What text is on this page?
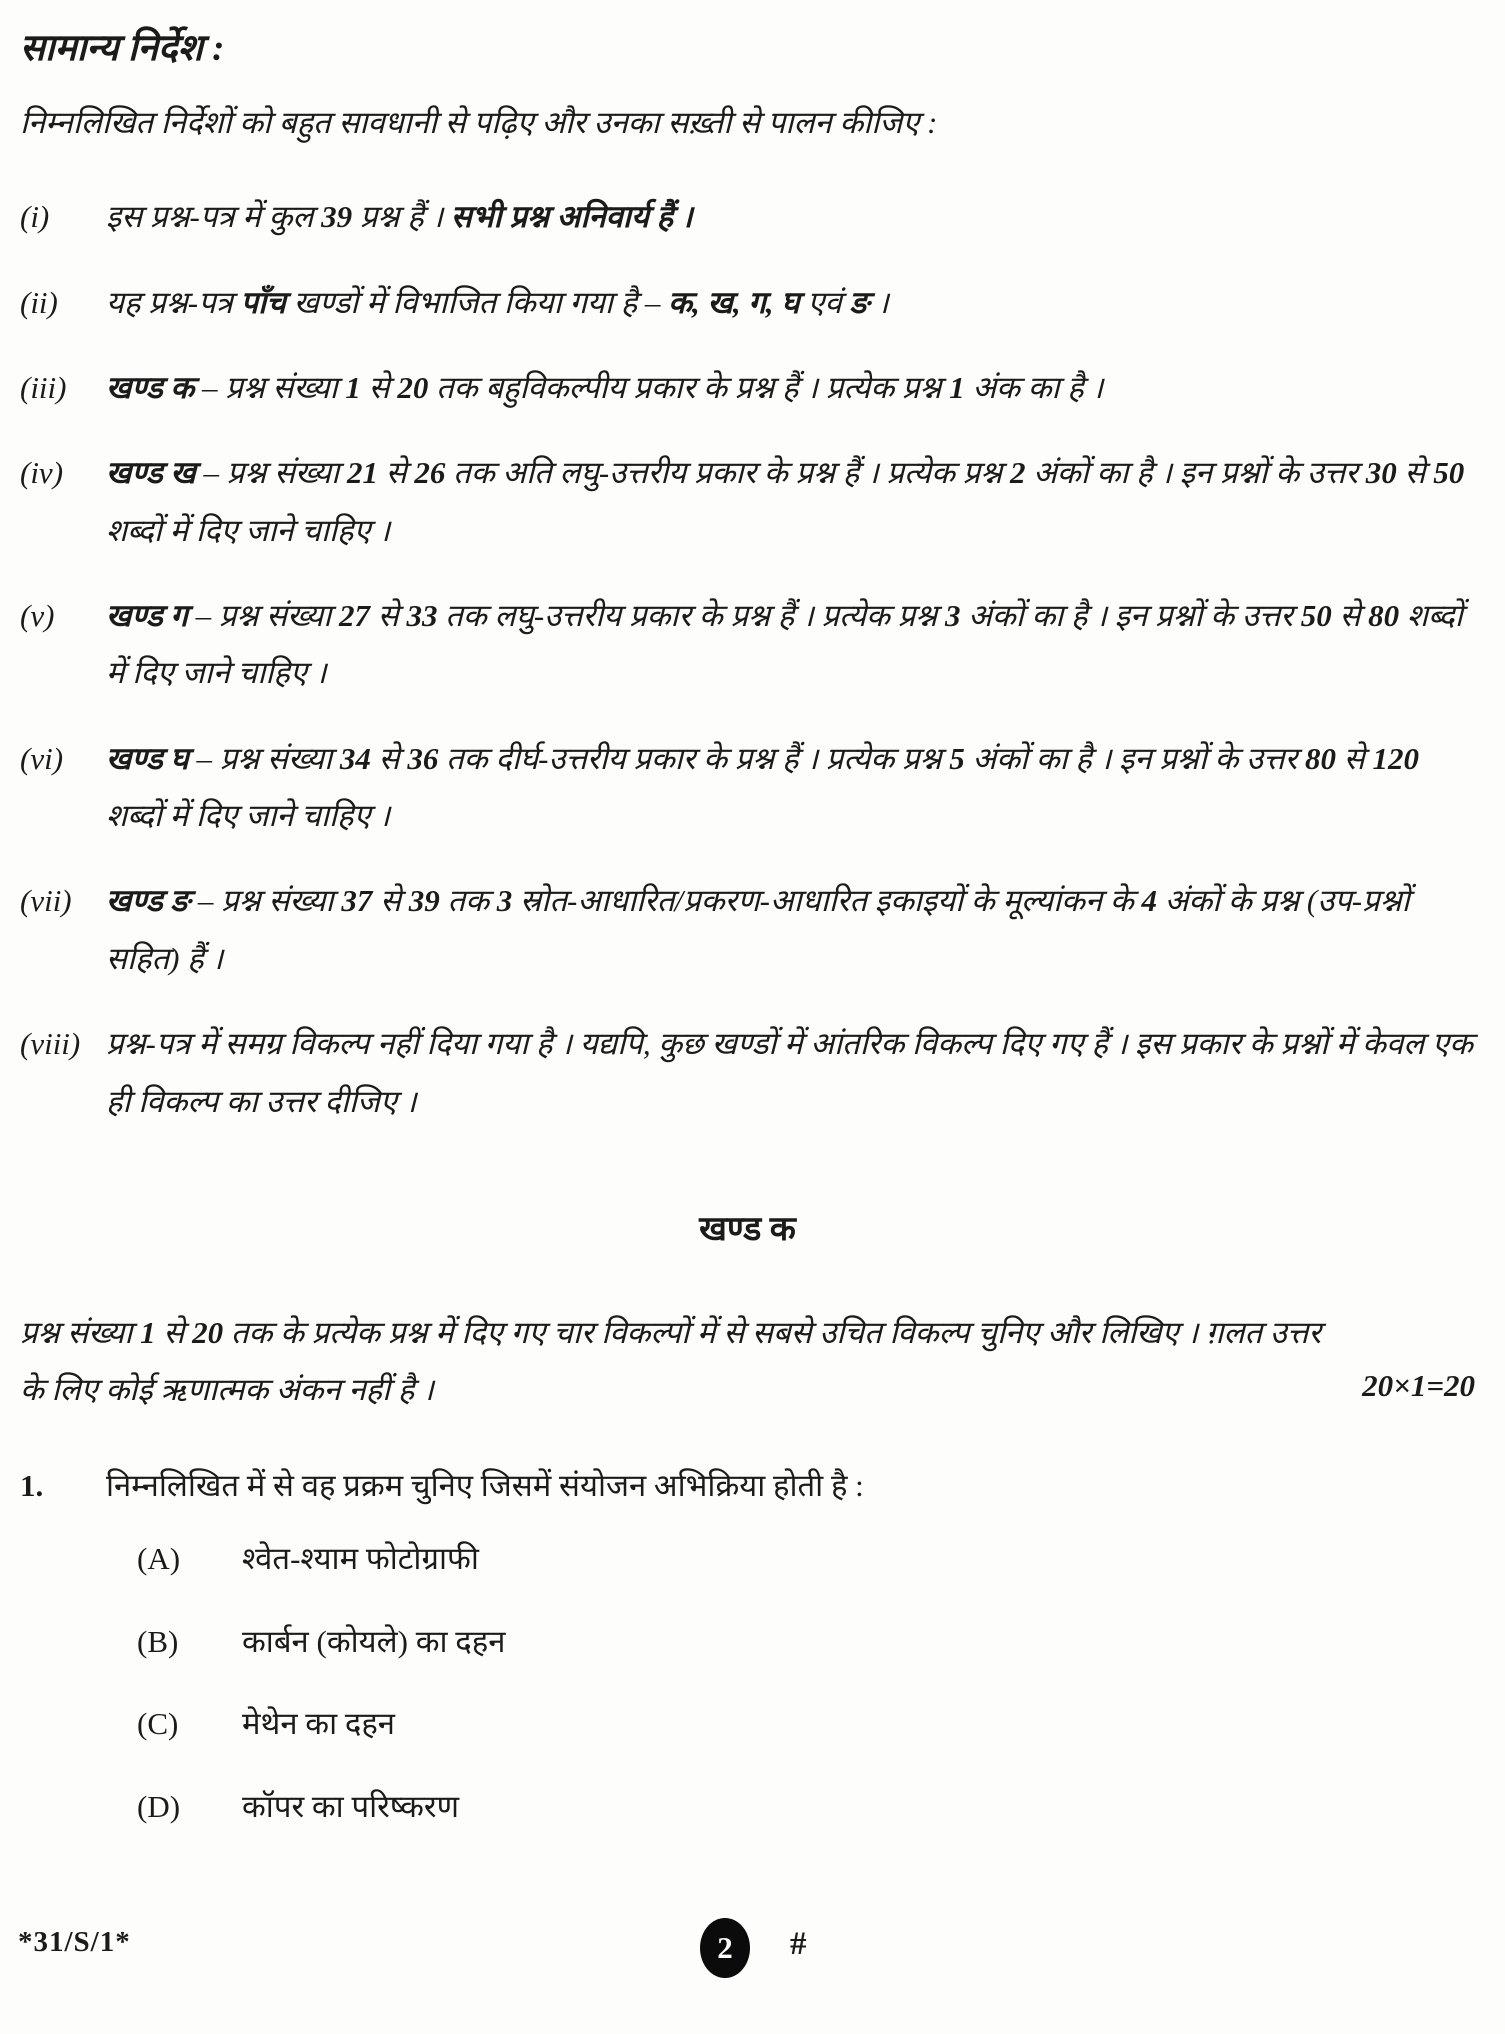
सामान्य निर्देश :
निम्नलिखित निर्देशों को बहुत सावधानी से पढ़िए और उनका सख़्ती से पालन कीजिए :
(i)	इस प्रश्न-पत्र में कुल 39 प्रश्न हैं । सभी प्रश्न अनिवार्य हैं ।
(ii)	यह प्रश्न-पत्र पाँच खण्डों में विभाजित किया गया है – क, ख, ग, घ एवं ङ ।
(iii)	खण्ड क – प्रश्न संख्या 1 से 20 तक बहुविकल्पीय प्रकार के प्रश्न हैं । प्रत्येक प्रश्न 1 अंक का है ।
(iv)	खण्ड ख – प्रश्न संख्या 21 से 26 तक अति लघु-उत्तरीय प्रकार के प्रश्न हैं । प्रत्येक प्रश्न 2 अंकों का है । इन प्रश्नों के उत्तर 30 से 50 शब्दों में दिए जाने चाहिए ।
(v)	खण्ड ग – प्रश्न संख्या 27 से 33 तक लघु-उत्तरीय प्रकार के प्रश्न हैं । प्रत्येक प्रश्न 3 अंकों का है । इन प्रश्नों के उत्तर 50 से 80 शब्दों में दिए जाने चाहिए ।
(vi)	खण्ड घ – प्रश्न संख्या 34 से 36 तक दीर्घ-उत्तरीय प्रकार के प्रश्न हैं । प्रत्येक प्रश्न 5 अंकों का है । इन प्रश्नों के उत्तर 80 से 120 शब्दों में दिए जाने चाहिए ।
(vii)	खण्ड ङ – प्रश्न संख्या 37 से 39 तक 3 स्रोत-आधारित/प्रकरण-आधारित इकाइयों के मूल्यांकन के 4 अंकों के प्रश्न (उप-प्रश्नों सहित) हैं ।
(viii) प्रश्न-पत्र में समग्र विकल्प नहीं दिया गया है । यद्यपि, कुछ खण्डों में आंतरिक विकल्प दिए गए हैं । इस प्रकार के प्रश्नों में केवल एक ही विकल्प का उत्तर दीजिए ।
खण्ड क
प्रश्न संख्या 1 से 20 तक के प्रत्येक प्रश्न में दिए गए चार विकल्पों में से सबसे उचित विकल्प चुनिए और लिखिए । ग़लत उत्तर के लिए कोई ऋणात्मक अंकन नहीं है ।	20×1=20
1.	निम्नलिखित में से वह प्रक्रम चुनिए जिसमें संयोजन अभिक्रिया होती है :
(A)	श्वेत-श्याम फोटोग्राफी
(B)	कार्बन (कोयले) का दहन
(C)	मेथेन का दहन
(D)	कॉपर का परिष्करण
*31/S/1*	2 #
